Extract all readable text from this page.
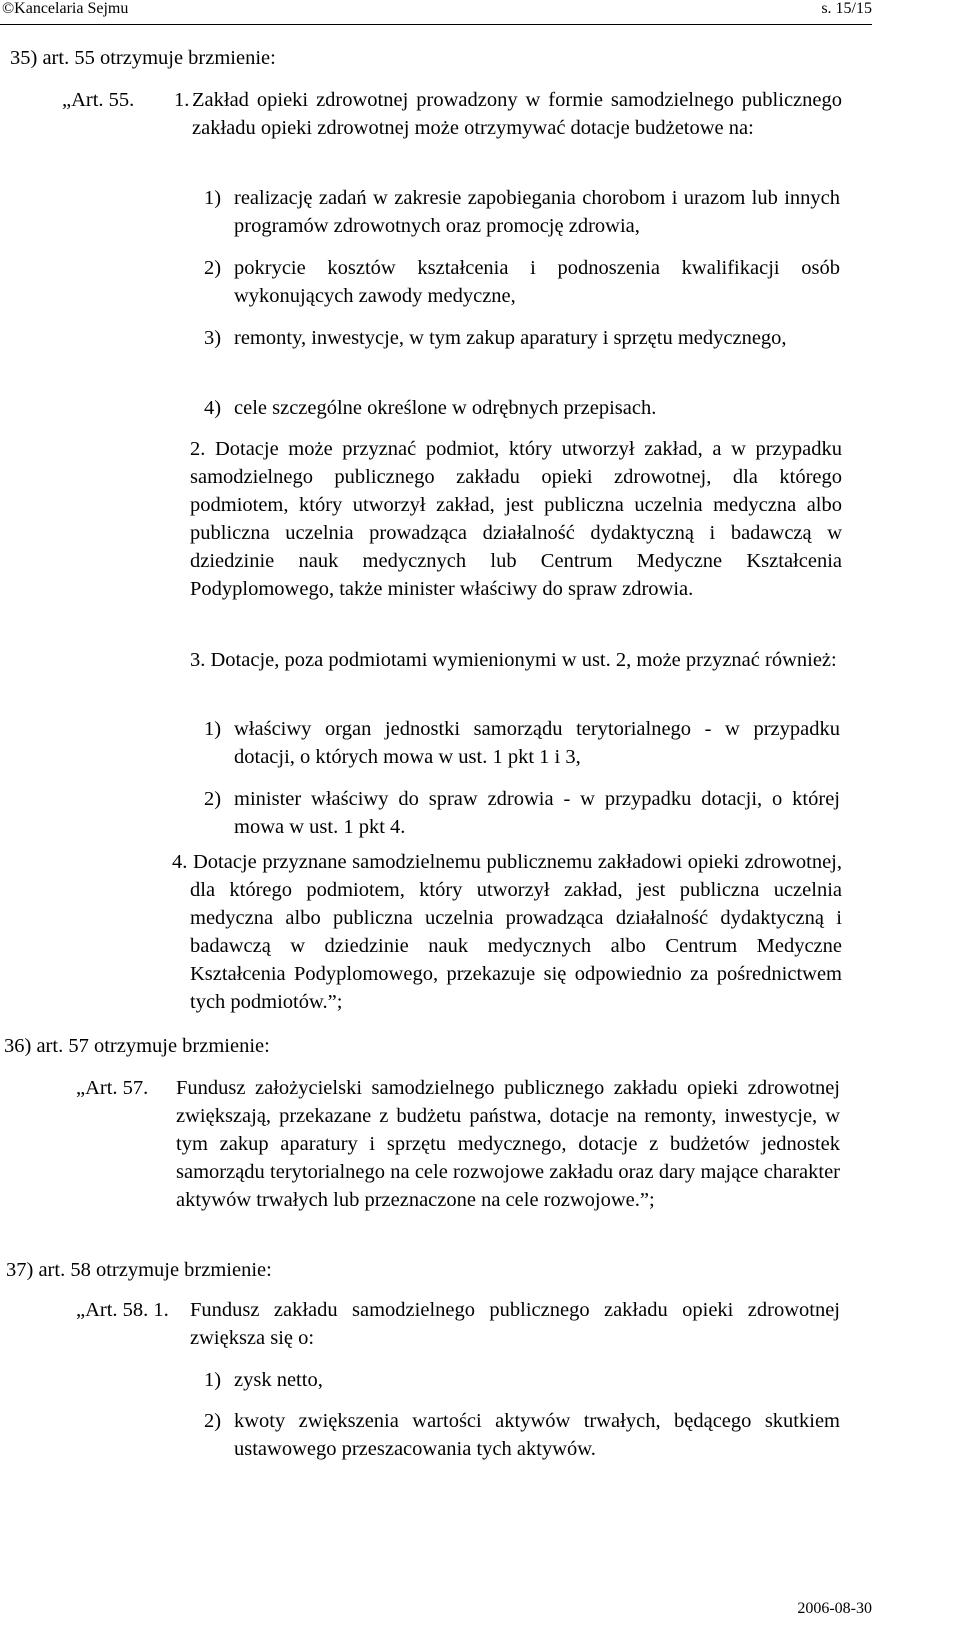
©Kancelaria Sejmu	s. 15/15
35) art. 55 otrzymuje brzmienie:
„Art. 55. 1. Zakład opieki zdrowotnej prowadzony w formie samodzielnego publicznego zakładu opieki zdrowotnej może otrzymywać dotacje budżetowe na:
1) realizację zadań w zakresie zapobiegania chorobom i urazom lub innych programów zdrowotnych oraz promocję zdrowia,
2) pokrycie kosztów kształcenia i podnoszenia kwalifikacji osób wykonujących zawody medyczne,
3) remonty, inwestycje, w tym zakup aparatury i sprzętu medycznego,
4) cele szczególne określone w odrębnych przepisach.
2. Dotacje może przyznać podmiot, który utworzył zakład, a w przypadku samodzielnego publicznego zakładu opieki zdrowotnej, dla którego podmiotem, który utworzył zakład, jest publiczna uczelnia medyczna albo publiczna uczelnia prowadząca działalność dydaktyczną i badawczą w dziedzinie nauk medycznych lub Centrum Medyczne Kształcenia Podyplomowego, także minister właściwy do spraw zdrowia.
3. Dotacje, poza podmiotami wymienionymi w ust. 2, może przyznać również:
1) właściwy organ jednostki samorządu terytorialnego - w przypadku dotacji, o których mowa w ust. 1 pkt 1 i 3,
2) minister właściwy do spraw zdrowia - w przypadku dotacji, o której mowa w ust. 1 pkt 4.
4. Dotacje przyznane samodzielnemu publicznemu zakładowi opieki zdrowotnej, dla którego podmiotem, który utworzył zakład, jest publiczna uczelnia medyczna albo publiczna uczelnia prowadząca działalność dydaktyczną i badawczą w dziedzinie nauk medycznych albo Centrum Medyczne Kształcenia Podyplomowego, przekazuje się odpowiednio za pośrednictwem tych podmiotów.”;
36) art. 57 otrzymuje brzmienie:
„Art. 57. Fundusz założycielski samodzielnego publicznego zakładu opieki zdrowotnej zwiększają, przekazane z budżetu państwa, dotacje na remonty, inwestycje, w tym zakup aparatury i sprzętu medycznego, dotacje z budżetów jednostek samorządu terytorialnego na cele rozwojowe zakładu oraz dary mające charakter aktywów trwałych lub przeznaczone na cele rozwojowe.”;
37) art. 58 otrzymuje brzmienie:
„Art. 58. 1. Fundusz zakładu samodzielnego publicznego zakładu opieki zdrowotnej zwiększa się o:
1) zysk netto,
2) kwoty zwiększenia wartości aktywów trwałych, będącego skutkiem ustawowego przeszacowania tych aktywów.
2006-08-30
